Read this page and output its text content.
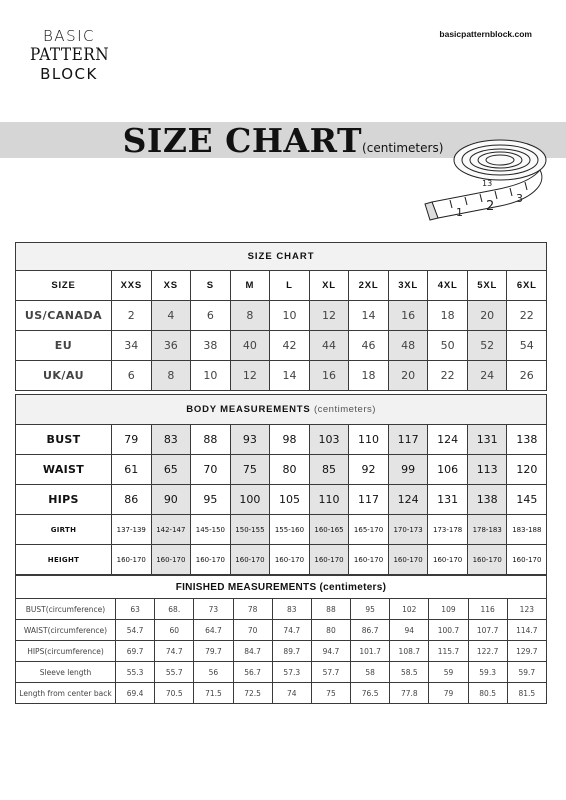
BASIC
PATTERN
BLOCK
basicpatternblock.com
SIZE CHART(centimeters)
1 2
3
13
SIZE CHART											
SIZE	XXS	XS	S	M	L	XL	2XL	3XL	4XL	5XL	6XL
US/CANADA	2	4	6	8	10	12	14	16	18	20	22
EU	34	36	38	40	42	44	46	48	50	52	54
UK/AU	6	8	10	12	14	16	18	20	22	24	26
BODY MEASUREMENTS (centimeters)											
BUST	79	83	88	93	98	103	110	117	124	131	138
WAIST	61	65	70	75	80	85	92	99	106	113	120
HIPS	86	90	95	100	105	110	117	124	131	138	145
GIRTH	137-139	142-147	145-150	150-155	155-160	160-165	165-170	170-173	173-178	178-183	183-188
HEIGHT	160-170	160-170	160-170	160-170	160-170	160-170	160-170	160-170	160-170	160-170	160-170
FINISHED MEASUREMENTS (centimeters)											
BUST(circumference)	63	68.	73	78	83	88	95	102	109	116	123
WAIST(circumference)	54.7	60	64.7	70	74.7	80	86.7	94	100.7	107.7	114.7
HIPS(circumference)	69.7	74.7	79.7	84.7	89.7	94.7	101.7	108.7	115.7	122.7	129.7
Sleeve length	55.3	55.7	56	56.7	57.3	57.7	58	58.5	59	59.3	59.7
Length from center back	69.4	70.5	71.5	72.5	74	75	76.5	77.8	79	80.5	81.5
